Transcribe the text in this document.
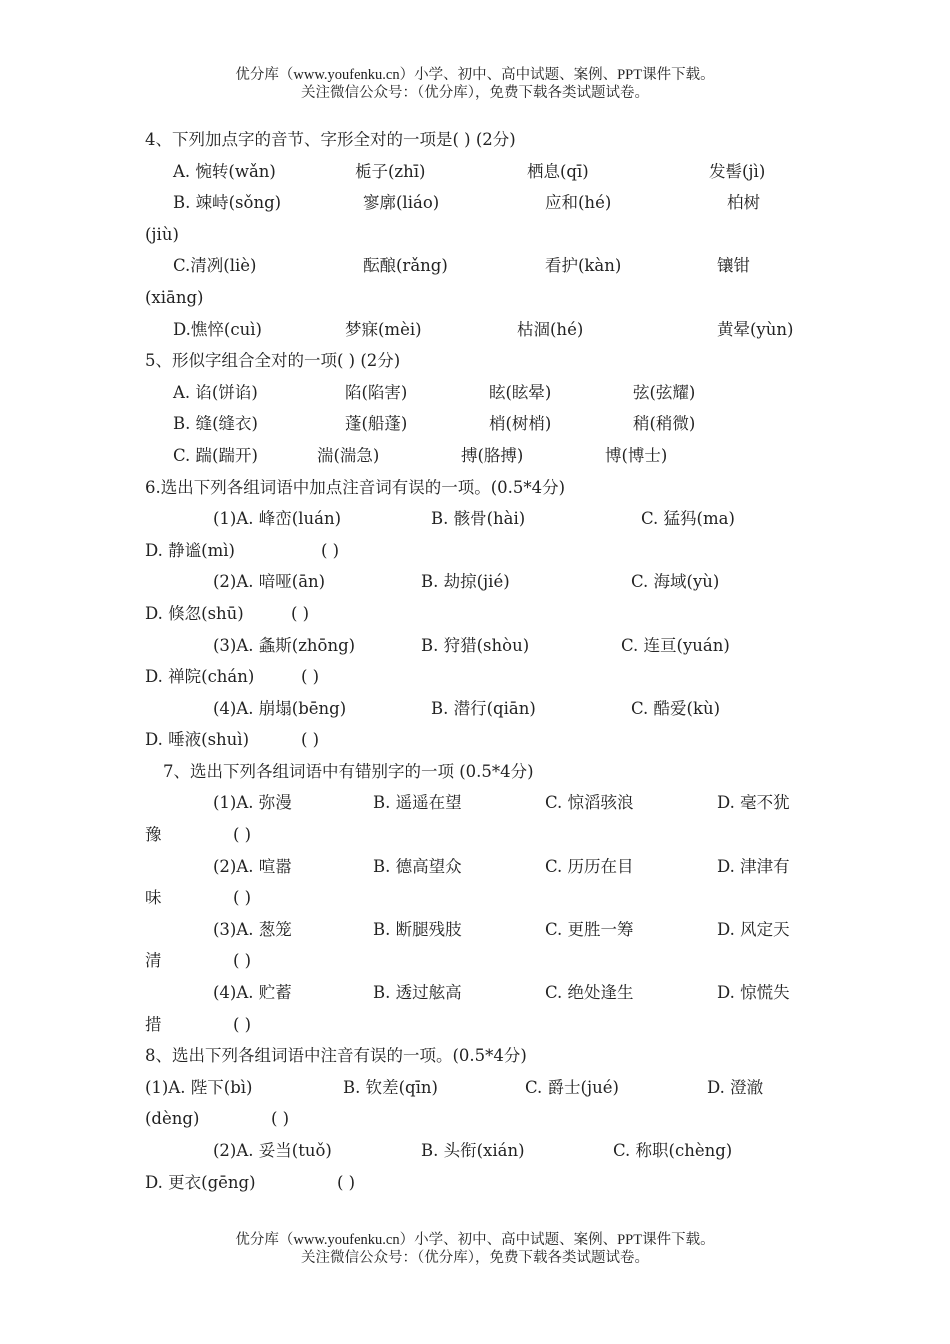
优分库（www.youfenku.cn）小学、初中、高中试题、案例、PPT课件下载。
关注微信公众号：（优分库），免费下载各类试题试卷。
4、下列加点字的音节、字形全对的一项是( ) (2分)
A. 惋转(wǎn)	栀子(zhī)	栖息(qī)	发髻(jì)
B. 竦峙(sǒng)	寥廓(liáo)	应和(hé)	柏树
(jiù)
C.清冽(liè)	酝酿(rǎng)	看护(kàn)	镶钳
(xiāng)
D.憔悴(cuì)	梦寐(mèi)	枯涸(hé)	黄晕(yùn)
5、形似字组合全对的一项( ) (2分)
A. 谄(饼谄)	陷(陷害)	眩(眩晕)	弦(弦耀)
B. 缝(缝衣)	蓬(船蓬)	梢(树梢)	稍(稍微)
C. 踹(踹开)	湍(湍急)	搏(胳搏)	博(博士)
6.选出下列各组词语中加点注音词有误的一项。(0.5*4分)
(1)A. 峰峦(luán)	B. 骸骨(hài)	C. 猛犸(ma)
D. 静谧(mì)	( )
(2)A. 喑哑(ān)	B. 劫掠(jié)	C. 海域(yù)
D. 倏忽(shū)	( )
(3)A. 螽斯(zhōng)	B. 狩猎(shòu)	C. 连亘(yuán)
D. 禅院(chán)	( )
(4)A. 崩塌(bēng)	B. 潜行(qiān)	C. 酷爱(kù)
D. 唾液(shuì)	( )
7、选出下列各组词语中有错别字的一项 (0.5*4分)
(1)A. 弥漫	B. 遥遥在望	C. 惊滔骇浪	D. 毫不犹
豫	( )
(2)A. 喧嚣	B. 德高望众	C. 历历在目	D. 津津有
味	( )
(3)A. 葱笼	B. 断腿残肢	C. 更胜一筹	D. 风定天
清	( )
(4)A. 贮蓄	B. 透过舷高	C. 绝处逢生	D. 惊慌失
措	( )
8、选出下列各组词语中注音有误的一项。(0.5*4分)
(1)A. 陛下(bì)	B. 钦差(qīn)	C. 爵士(jué)	D. 澄澈
(dèng)	( )
(2)A. 妥当(tuǒ)	B. 头衔(xián)	C. 称职(chèng)
D. 更衣(gēng)	( )
优分库（www.youfenku.cn）小学、初中、高中试题、案例、PPT课件下载。
关注微信公众号：（优分库），免费下载各类试题试卷。
